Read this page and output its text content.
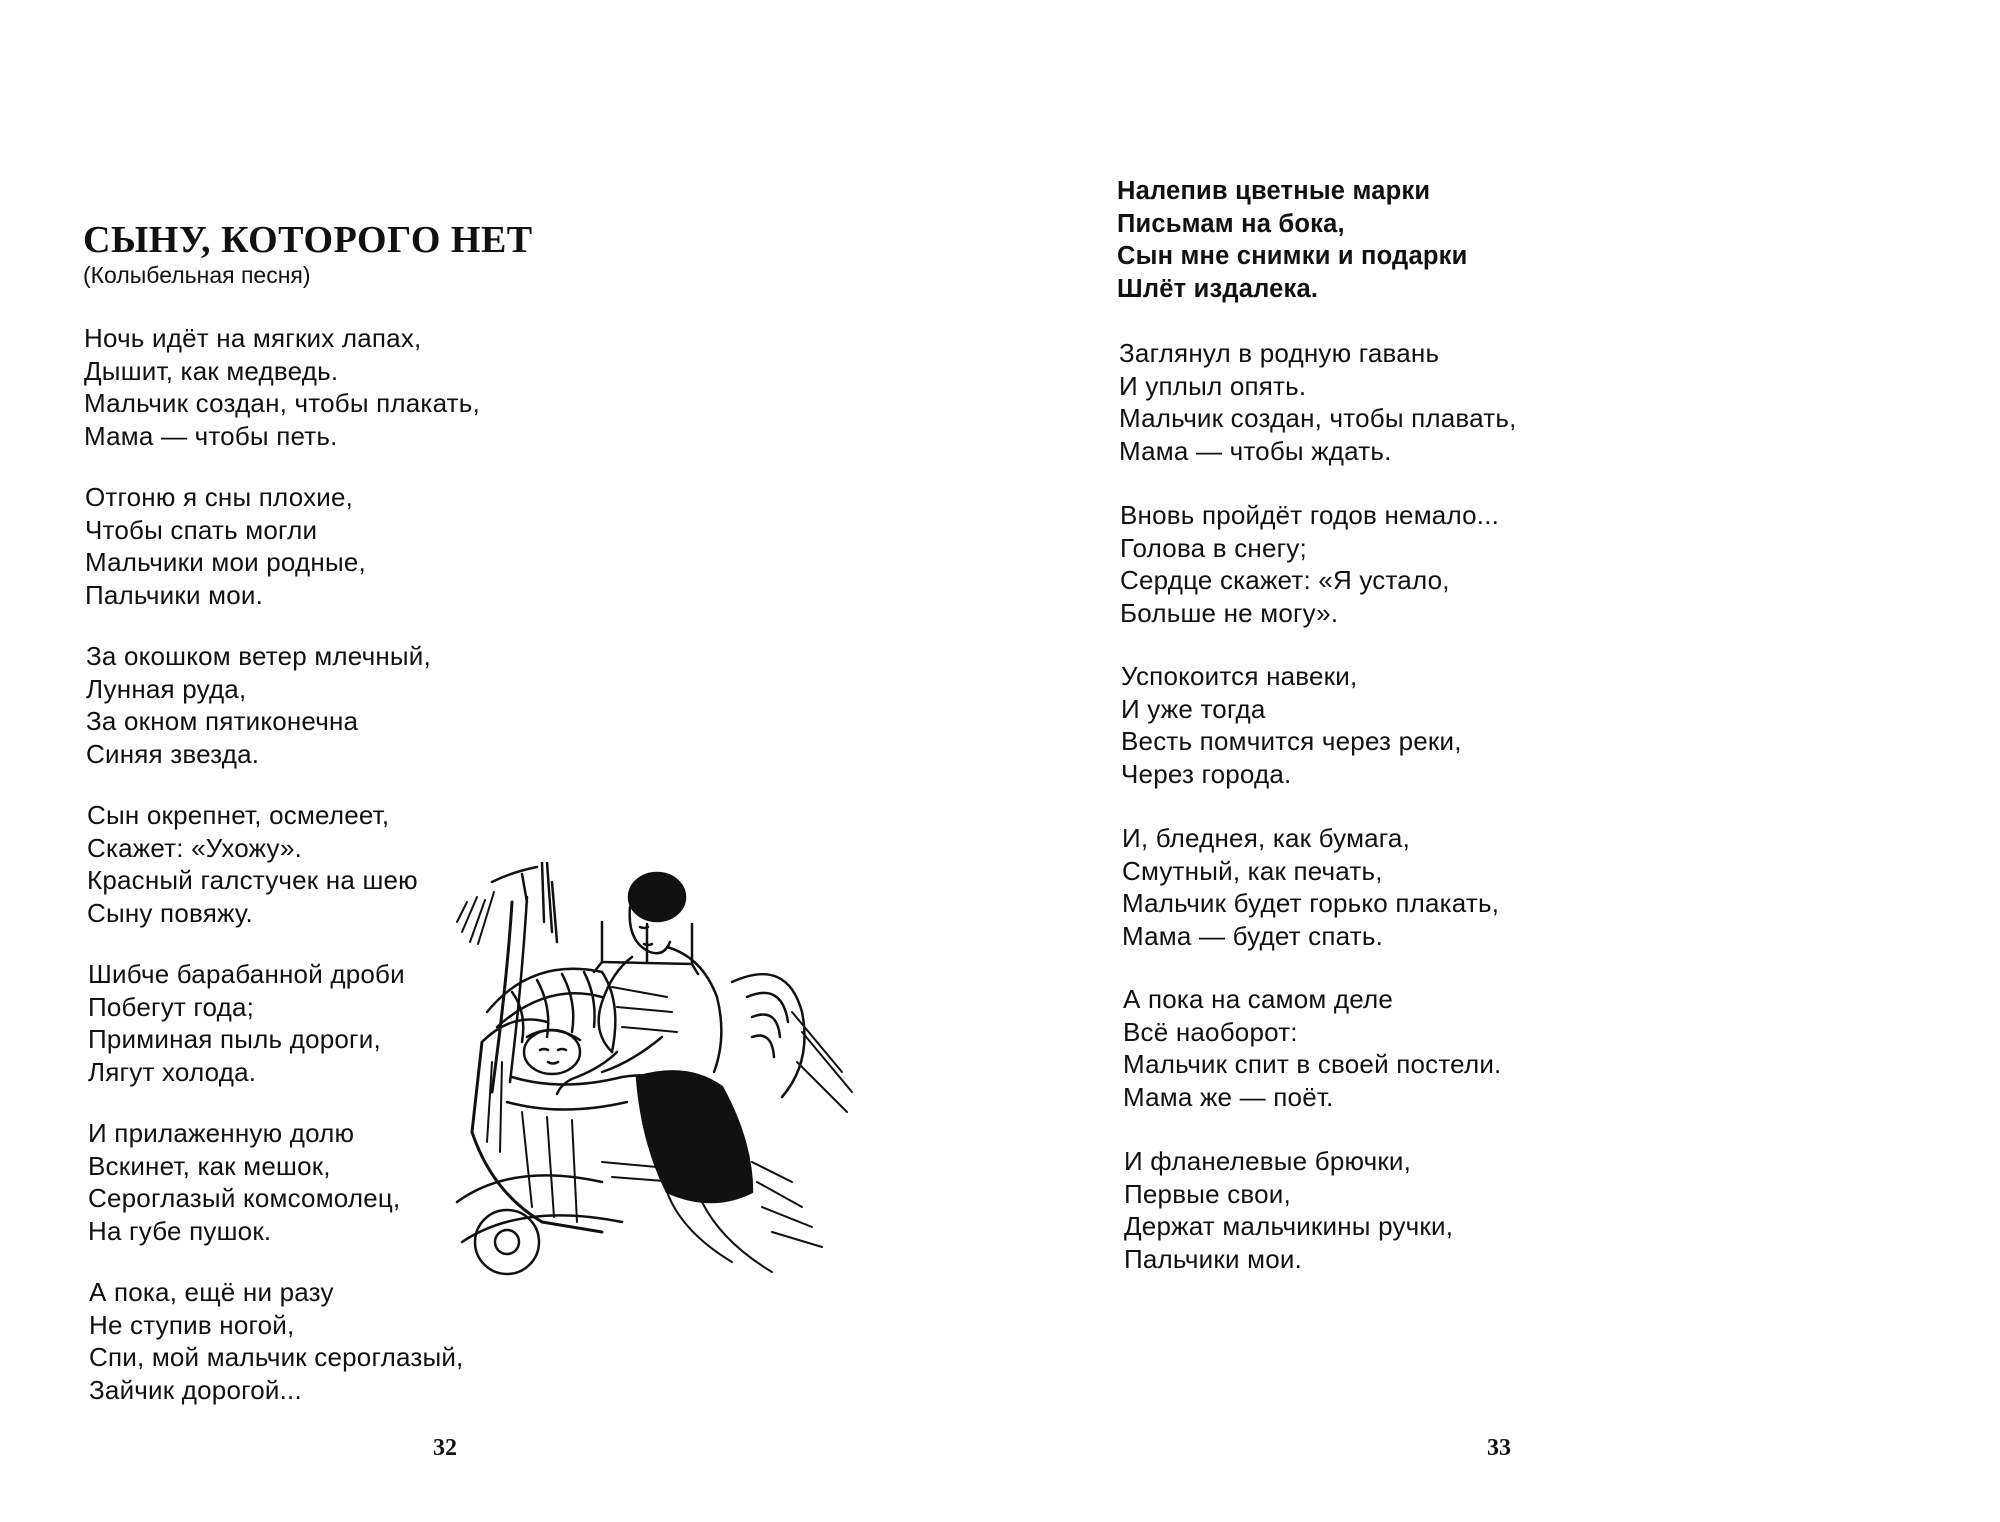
СЫНУ, КОТОРОГО НЕТ
(Колыбельная песня)
Ночь идёт на мягких лапах,
Дышит, как медведь.
Мальчик создан, чтобы плакать,
Мама — чтобы петь.
Отгоню я сны плохие,
Чтобы спать могли
Мальчики мои родные,
Пальчики мои.
За окошком ветер млечный,
Лунная руда,
За окном пятиконечна
Синяя звезда.
Сын окрепнет, осмелеет,
Скажет: «Ухожу».
Красный галстучек на шею
Сыну повяжу.
Шибче барабанной дроби
Побегут года;
Приминая пыль дороги,
Лягут холода.
И прилаженную долю
Вскинет, как мешок,
Сероглазый комсомолец,
На губе пушок.
А пока, ещё ни разу
Не ступив ногой,
Спи, мой мальчик сероглазый,
Зайчик дорогой...
32
Налепив цветные марки
Письмам на бока,
Сын мне снимки и подарки
Шлёт издалека.
Заглянул в родную гавань
И уплыл опять.
Мальчик создан, чтобы плавать,
Мама — чтобы ждать.
Вновь пройдёт годов немало...
Голова в снегу;
Сердце скажет: «Я устало,
Больше не могу».
Успокоится навеки,
И уже тогда
Весть помчится через реки,
Через города.
И, бледнея, как бумага,
Смутный, как печать,
Мальчик будет горько плакать,
Мама — будет спать.
А пока на самом деле
Всё наоборот:
Мальчик спит в своей постели.
Мама же — поёт.
И фланелевые брючки,
Первые свои,
Держат мальчикины ручки,
Пальчики мои.
33
